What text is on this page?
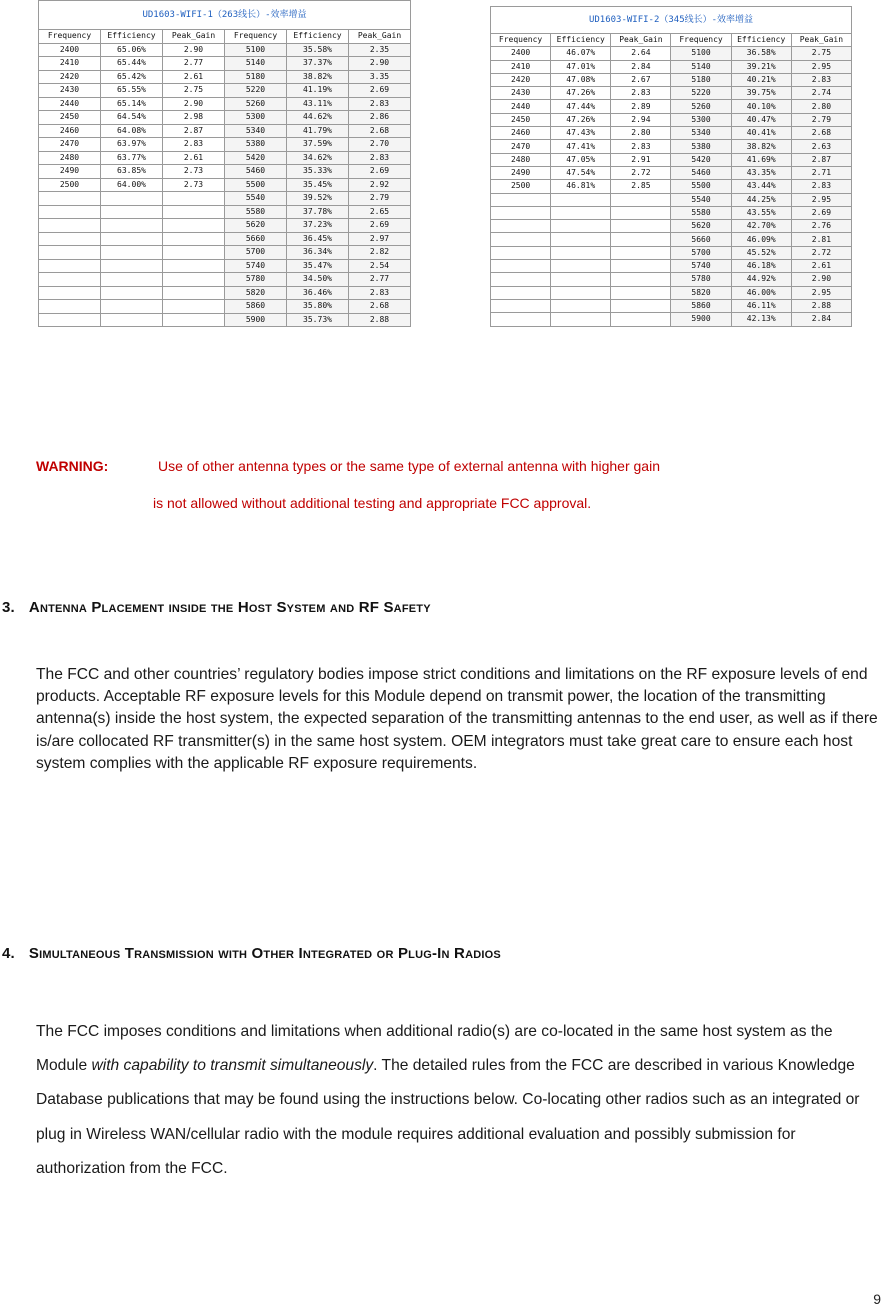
UD1603-WIFI-1（263线长）-效率增益					
Frequency	Efficiency	Peak_Gain	Frequency	Efficiency	Peak_Gain
2400	65.06%	2.90	5100	35.58%	2.35
2410	65.44%	2.77	5140	37.37%	2.90
2420	65.42%	2.61	5180	38.82%	3.35
2430	65.55%	2.75	5220	41.19%	2.69
2440	65.14%	2.90	5260	43.11%	2.83
2450	64.54%	2.98	5300	44.62%	2.86
2460	64.08%	2.87	5340	41.79%	2.68
2470	63.97%	2.83	5380	37.59%	2.70
2480	63.77%	2.61	5420	34.62%	2.83
2490	63.85%	2.73	5460	35.33%	2.69
2500	64.00%	2.73	5500	35.45%	2.92
			5540	39.52%	2.79
			5580	37.78%	2.65
			5620	37.23%	2.69
			5660	36.45%	2.97
			5700	36.34%	2.82
			5740	35.47%	2.54
			5780	34.50%	2.77
			5820	36.46%	2.83
			5860	35.80%	2.68
			5900	35.73%	2.88
UD1603-WIFI-2（345线长）-效率增益					
Frequency	Efficiency	Peak_Gain	Frequency	Efficiency	Peak_Gain
2400	46.07%	2.64	5100	36.58%	2.75
2410	47.01%	2.84	5140	39.21%	2.95
2420	47.08%	2.67	5180	40.21%	2.83
2430	47.26%	2.83	5220	39.75%	2.74
2440	47.44%	2.89	5260	40.10%	2.80
2450	47.26%	2.94	5300	40.47%	2.79
2460	47.43%	2.80	5340	40.41%	2.68
2470	47.41%	2.83	5380	38.82%	2.63
2480	47.05%	2.91	5420	41.69%	2.87
2490	47.54%	2.72	5460	43.35%	2.71
2500	46.81%	2.85	5500	43.44%	2.83
			5540	44.25%	2.95
			5580	43.55%	2.69
			5620	42.70%	2.76
			5660	46.09%	2.81
			5700	45.52%	2.72
			5740	46.18%	2.61
			5780	44.92%	2.90
			5820	46.00%	2.95
			5860	46.11%	2.88
			5900	42.13%	2.84
WARNING:	Use of other antenna types or the same type of external antenna with higher gain
is not allowed without additional testing and appropriate FCC approval.
3. Antenna Placement inside the Host System and RF Safety

The FCC and other countries’ regulatory bodies impose strict conditions and limitations on the RF exposure levels of end products. Acceptable RF exposure levels for this Module depend on transmit power, the location of the transmitting antenna(s) inside the host system, the expected separation of the transmitting antennas to the end user, as well as if there is/are collocated RF transmitter(s) in the same host system. OEM integrators must take great care to ensure each host system complies with the applicable RF exposure requirements.

4. Simultaneous Transmission with Other Integrated or Plug-In Radios

The FCC imposes conditions and limitations when additional radio(s) are co-located in the same host system as the Module with capability to transmit simultaneously. The detailed rules from the FCC are described in various Knowledge Database publications that may be found using the instructions below. Co-locating other radios such as an integrated or plug in Wireless WAN/cellular radio with the module requires additional evaluation and possibly submission for authorization from the FCC.

9
